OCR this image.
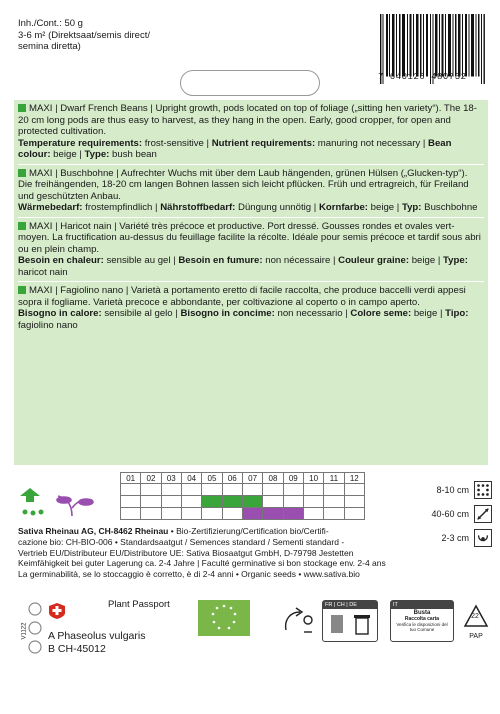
Inh./Cont.: 50 g
3-6 m² (Direktsaat/semis direct/
semina diretta)
7 640126 480732
MAXI | Dwarf French Beans | Upright growth, pods located on top of foliage („sitting hen variety“). The 18-20 cm long pods are thus easy to harvest, as they hang in the open. Early, good cropper, for open and protected cultivation.
Temperature requirements: frost-sensitive | Nutrient requirements: manuring not necessary | Bean colour: beige | Type: bush bean
MAXI | Buschbohne | Aufrechter Wuchs mit über dem Laub hängenden, grünen Hülsen („Glucken-typ“). Die freihängenden, 18-20 cm langen Bohnen lassen sich leicht pflücken. Früh und ertragreich, für Freiland und geschützten Anbau.
Wärmebedarf: frostempfindlich | Nährstoffbedarf: Düngung unnötig | Kornfarbe: beige | Typ: Buschbohne
MAXI | Haricot nain | Variété très précoce et productive. Port dressé. Gousses rondes et ovales vert-moyen. La fructification au-dessus du feuillage facilite la récolte. Idéale pour semis précoce et tardif sous abri ou en plein champ.
Besoin en chaleur: sensible au gel | Besoin en fumure: non nécessaire | Couleur graine: beige | Type: haricot nain
MAXI | Fagiolino nano | Varietà a portamento eretto di facile raccolta, che produce baccelli verdi appesi sopra il fogliame. Varietà precoce e abbondante, per coltivazione al coperto o in campo aperto.
Bisogno in calore: sensibile al gelo | Bisogno in concime: non necessario | Colore seme: beige | Tipo: fagiolino nano
01	02	03	04	05	06	07	08	09	10	11	12
8-10 cm
40-60 cm
2-3 cm
Sativa Rheinau AG, CH-8462 Rheinau • Bio-Zertifizierung/Certification bio/Certifi-
cazione bio: CH-BIO-006 • Standardsaatgut / Semences standard / Sementi standard -
Vertrieb EU/Distributeur EU/Distributore UE: Sativa Biosaatgut GmbH, D-79798 Jestetten
Keimfähigkeit bei guter Lagerung ca. 2-4 Jahre | Faculté germinative si bon stockage env. 2-4 ans
La germinabilità, se lo stoccaggio è corretto, è di 2-4 anni • Organic seeds • www.sativa.bio
V1122
Plant Passport
A Phaseolus vulgaris
B CH-45012
FR | CH | DE	IT
Busta
Raccolta carta
Verifica le disposizioni del tuo Comune
22
PAP
